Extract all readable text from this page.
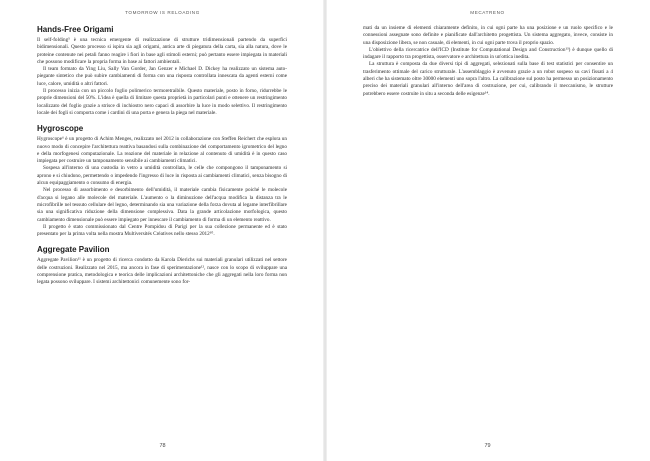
TOMORROW IS RELOADING
Hands-Free Origami

Il self-folding⁵ è una tecnica emergente di realizzazione di strutture tridimensionali partendo da superfici bidimensionali. Questo processo si ispira sia agli origami, antica arte di piegatura della carta, sia alla natura, dove le proteine contenute nei petali fanno reagire i fiori in base agli stimoli esterni; può pertanto essere impiegata in materiali che possono modificare la propria forma in base ai fattori ambientali.

Il team formato da Ying Liu, Sally Van Gorder, Jan Genzer e Michael D. Dickey ha realizzato un sistema auto-piegante sintetico che può subire cambiamenti di forma con una risposta controllata innescata da agenti esterni come luce, calore, umidità o altri fattori.

Il processo inizia con un piccolo foglio polimerico termoretraibile. Questo materiale, posto in forno, ridurrebbe le proprie dimensioni del 50%. L'idea è quella di limitare questa proprietà in particolari punti e ottenere un restringimento localizzato del foglio grazie a strisce di inchiostro nero capaci di assorbire la luce in modo selettivo. Il restringimento locale dei fogli si comporta come i cardini di una porta e genera la piega nel materiale.

Hygroscope

Hygroscope⁶ è un progetto di Achim Menges, realizzato nel 2012 in collaborazione con Steffen Reichert che esplora un nuovo modo di concepire l'architettura reattiva basandosi sulla combinazione del comportamento igrometrico del legno e della morfogenesi computazionale. La reazione del materiale in relazione al contenuto di umidità è in questo caso impiegata per costruire un tamponamento sensibile ai cambiamenti climatici.

Sospesa all'interno di una custodia in vetro a umidità controllata, le celle che compongono il tamponamento si aprono e si chiudono, permettendo o impedendo l'ingresso di luce in risposta ai cambiamenti climatici, senza bisogno di alcun equipaggiamento o consumo di energia.

Nel processo di assorbimento e desorbimento dell'umidità, il materiale cambia fisicamente poiché le molecole d'acqua si legano alle molecole del materiale. L'aumento o la diminuzione dell'acqua modifica la distanza tra le microfibrille nel tessuto cellulare del legno, determinando sia una variazione della forza dovuta al legame interfibrillare sia una significativa riduzione della dimensione complessiva. Data la grande articolazione morfologica, questo cambiamento dimensionale può essere impiegato per innescare il cambiamento di forma di un elemento reattivo.

Il progetto è stato commissionato dal Centre Pompidou di Parigi per la sua collezione permanente ed è stato presentato per la prima volta nella mostra Multiversités Créatives nello stesso 2012¹⁰.

Aggregate Pavilion

Aggregate Pavilion¹¹ è un progetto di ricerca condotto da Karola Dierichs sui materiali granulari utilizzati nel settore delle costruzioni. Realizzato nel 2015, ma ancora in fase di sperimentazione¹², nasce con lo scopo di sviluppare una comprensione pratica, metodologica e teorica delle implicazioni architettoniche che gli aggregati nella loro forma non legata possono sviluppare. I sistemi architettonici comunemente sono for-

78
MECATRENO

mati da un insieme di elementi chiaramente definito, in cui ogni parte ha una posizione e un ruolo specifico e le connessioni assegnate sono definite e pianificate dall'architetto progettista. Un sistema aggregato, invece, consiste in una disposizione libera, se non casuale, di elementi, in cui ogni parte trova il proprio spazio.

L'obiettivo della ricercatrice dell'ICD (Institute for Computational Design and Construction¹³) è dunque quello di indagare il rapporto tra progettista, osservatore e architettura in un'ottica inedita.

La struttura è composta da due diversi tipi di aggregati, selezionati sulla base di test statistici per consentire un trasferimento ottimale del carico strutturale. L'assemblaggio è avvenuto grazie a un robot sospeso su cavi fissati a 4 alberi che ha sistemato oltre 30000 elementi uno sopra l'altro. La calibrazione sul posto ha permesso un posizionamento preciso dei materiali granulari all'interno dell'area di costruzione, per cui, calibrando il meccanismo, le strutture potrebbero essere costruite in situ a seconda delle esigenze¹⁴.

79
